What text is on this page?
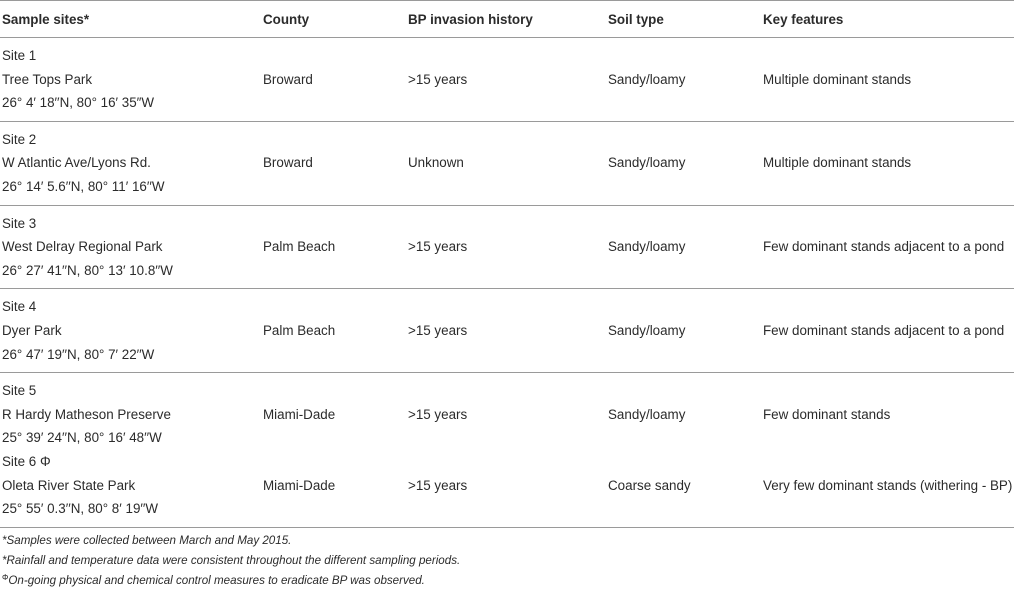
Sample sites*	County	BP invasion history	Soil type	Key features

Site 1
Tree Tops Park
26° 4′ 18′′N, 80° 16′ 35″W	Broward	>15 years	Sandy/loamy	Multiple dominant stands

Site 2
W Atlantic Ave/Lyons Rd.
26° 14′ 5.6′′N, 80° 11′ 16′′W	Broward	Unknown	Sandy/loamy	Multiple dominant stands

Site 3
West Delray Regional Park
26° 27′ 41′′N, 80° 13′ 10.8′′W	Palm Beach	>15 years	Sandy/loamy	Few dominant stands adjacent to a pond

Site 4
Dyer Park
26° 47′ 19′′N, 80° 7′ 22′′W	Palm Beach	>15 years	Sandy/loamy	Few dominant stands adjacent to a pond

Site 5
R Hardy Matheson Preserve
25° 39′ 24′′N, 80° 16′ 48′′W	Miami-Dade	>15 years	Sandy/loamy	Few dominant stands

Site 6 Φ
Oleta River State Park
25° 55′ 0.3′′N, 80° 8′ 19′′W	Miami-Dade	>15 years	Coarse sandy	Very few dominant stands (withering - BP)

*Samples were collected between March and May 2015.
*Rainfall and temperature data were consistent throughout the different sampling periods.
$^\Phi$On-going physical and chemical control measures to eradicate BP was observed.				
